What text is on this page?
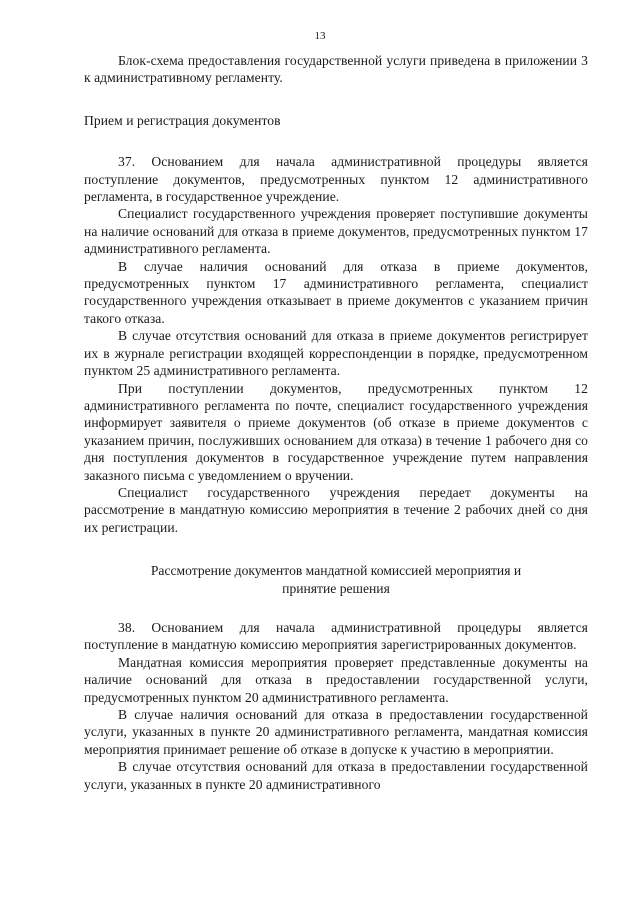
13

Блок-схема предоставления государственной услуги приведена в приложении 3 к административному регламенту.

Прием и регистрация документов

37. Основанием для начала административной процедуры является поступление документов, предусмотренных пунктом 12 административного регламента, в государственное учреждение.

Специалист государственного учреждения проверяет поступившие документы на наличие оснований для отказа в приеме документов, предусмотренных пунктом 17 административного регламента.

В случае наличия оснований для отказа в приеме документов, предусмотренных пунктом 17 административного регламента, специалист государственного учреждения отказывает в приеме документов с указанием причин такого отказа.

В случае отсутствия оснований для отказа в приеме документов регистрирует их в журнале регистрации входящей корреспонденции в порядке, предусмотренном пунктом 25 административного регламента.

При поступлении документов, предусмотренных пунктом 12 административного регламента по почте, специалист государственного учреждения информирует заявителя о приеме документов (об отказе в приеме документов с указанием причин, послуживших основанием для отказа) в течение 1 рабочего дня со дня поступления документов в государственное учреждение путем направления заказного письма с уведомлением о вручении.

Специалист государственного учреждения передает документы на рассмотрение в мандатную комиссию мероприятия в течение 2 рабочих дней со дня их регистрации.

Рассмотрение документов мандатной комиссией мероприятия и
принятие решения

38. Основанием для начала административной процедуры является поступление в мандатную комиссию мероприятия зарегистрированных документов.

Мандатная комиссия мероприятия проверяет представленные документы на наличие оснований для отказа в предоставлении государственной услуги, предусмотренных пунктом 20 административного регламента.

В случае наличия оснований для отказа в предоставлении государственной услуги, указанных в пункте 20 административного регламента, мандатная комиссия мероприятия принимает решение об отказе в допуске к участию в мероприятии.

В случае отсутствия оснований для отказа в предоставлении государственной услуги, указанных в пункте 20 административного
